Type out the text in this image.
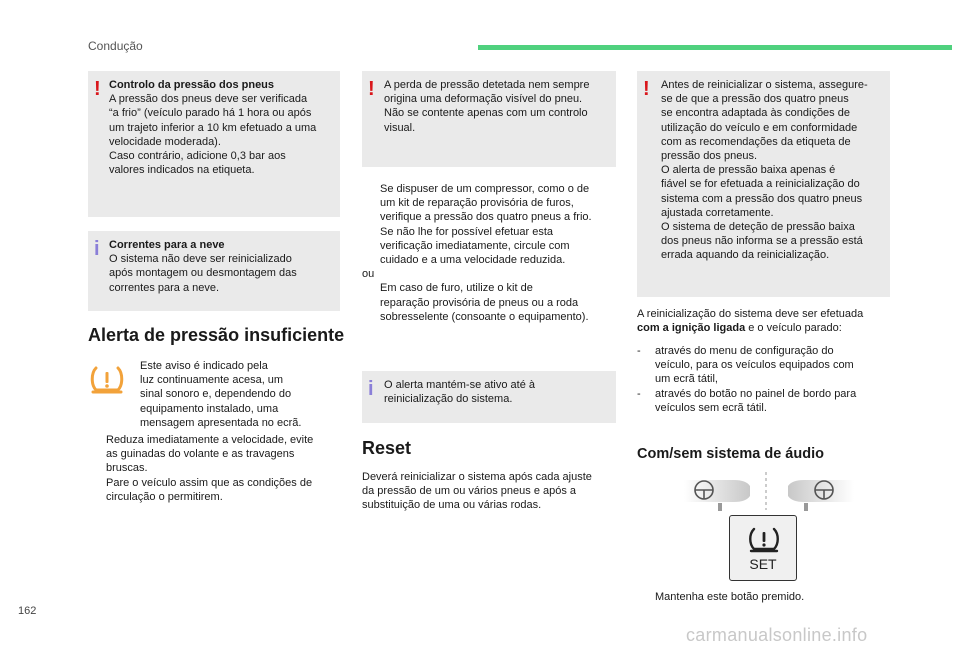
Condução
! Controlo da pressão dos pneus
A pressão dos pneus deve ser verificada
“a frio” (veículo parado há 1 hora ou após
um trajeto inferior a 10 km efetuado a uma
velocidade moderada).
Caso contrário, adicione 0,3 bar aos
valores indicados na etiqueta.
i Correntes para a neve
O sistema não deve ser reinicializado
após montagem ou desmontagem das
correntes para a neve.
Alerta de pressão insuficiente
Este aviso é indicado pela
luz continuamente acesa, um
sinal sonoro e, dependendo do
equipamento instalado, uma
mensagem apresentada no ecrã.
Reduza imediatamente a velocidade, evite
as guinadas do volante e as travagens
bruscas.
Pare o veículo assim que as condições de
circulação o permitirem.
! A perda de pressão detetada nem sempre
origina uma deformação visível do pneu.
Não se contente apenas com um controlo
visual.
Se dispuser de um compressor, como o de
um kit de reparação provisória de furos,
verifique a pressão dos quatro pneus a frio.
Se não lhe for possível efetuar esta
verificação imediatamente, circule com
cuidado e a uma velocidade reduzida.
ou
Em caso de furo, utilize o kit de
reparação provisória de pneus ou a roda
sobresselente (consoante o equipamento).
i O alerta mantém-se ativo até à
reinicialização do sistema.
Reset
Deverá reinicializar o sistema após cada ajuste
da pressão de um ou vários pneus e após a
substituição de uma ou várias rodas.
! Antes de reinicializar o sistema, assegure-
se de que a pressão dos quatro pneus
se encontra adaptada às condições de
utilização do veículo e em conformidade
com as recomendações da etiqueta de
pressão dos pneus.
O alerta de pressão baixa apenas é
fiável se for efetuada a reinicialização do
sistema com a pressão dos quatro pneus
ajustada corretamente.
O sistema de deteção de pressão baixa
dos pneus não informa se a pressão está
errada aquando da reinicialização.
A reinicialização do sistema deve ser efetuada
com a ignição ligada e o veículo parado:
- através do menu de configuração do
veículo, para os veículos equipados com
um ecrã tátil,
- através do botão no painel de bordo para
veículos sem ecrã tátil.
Com/sem sistema de áudio
SET
Mantenha este botão premido.
162
carmanualsonline.info
